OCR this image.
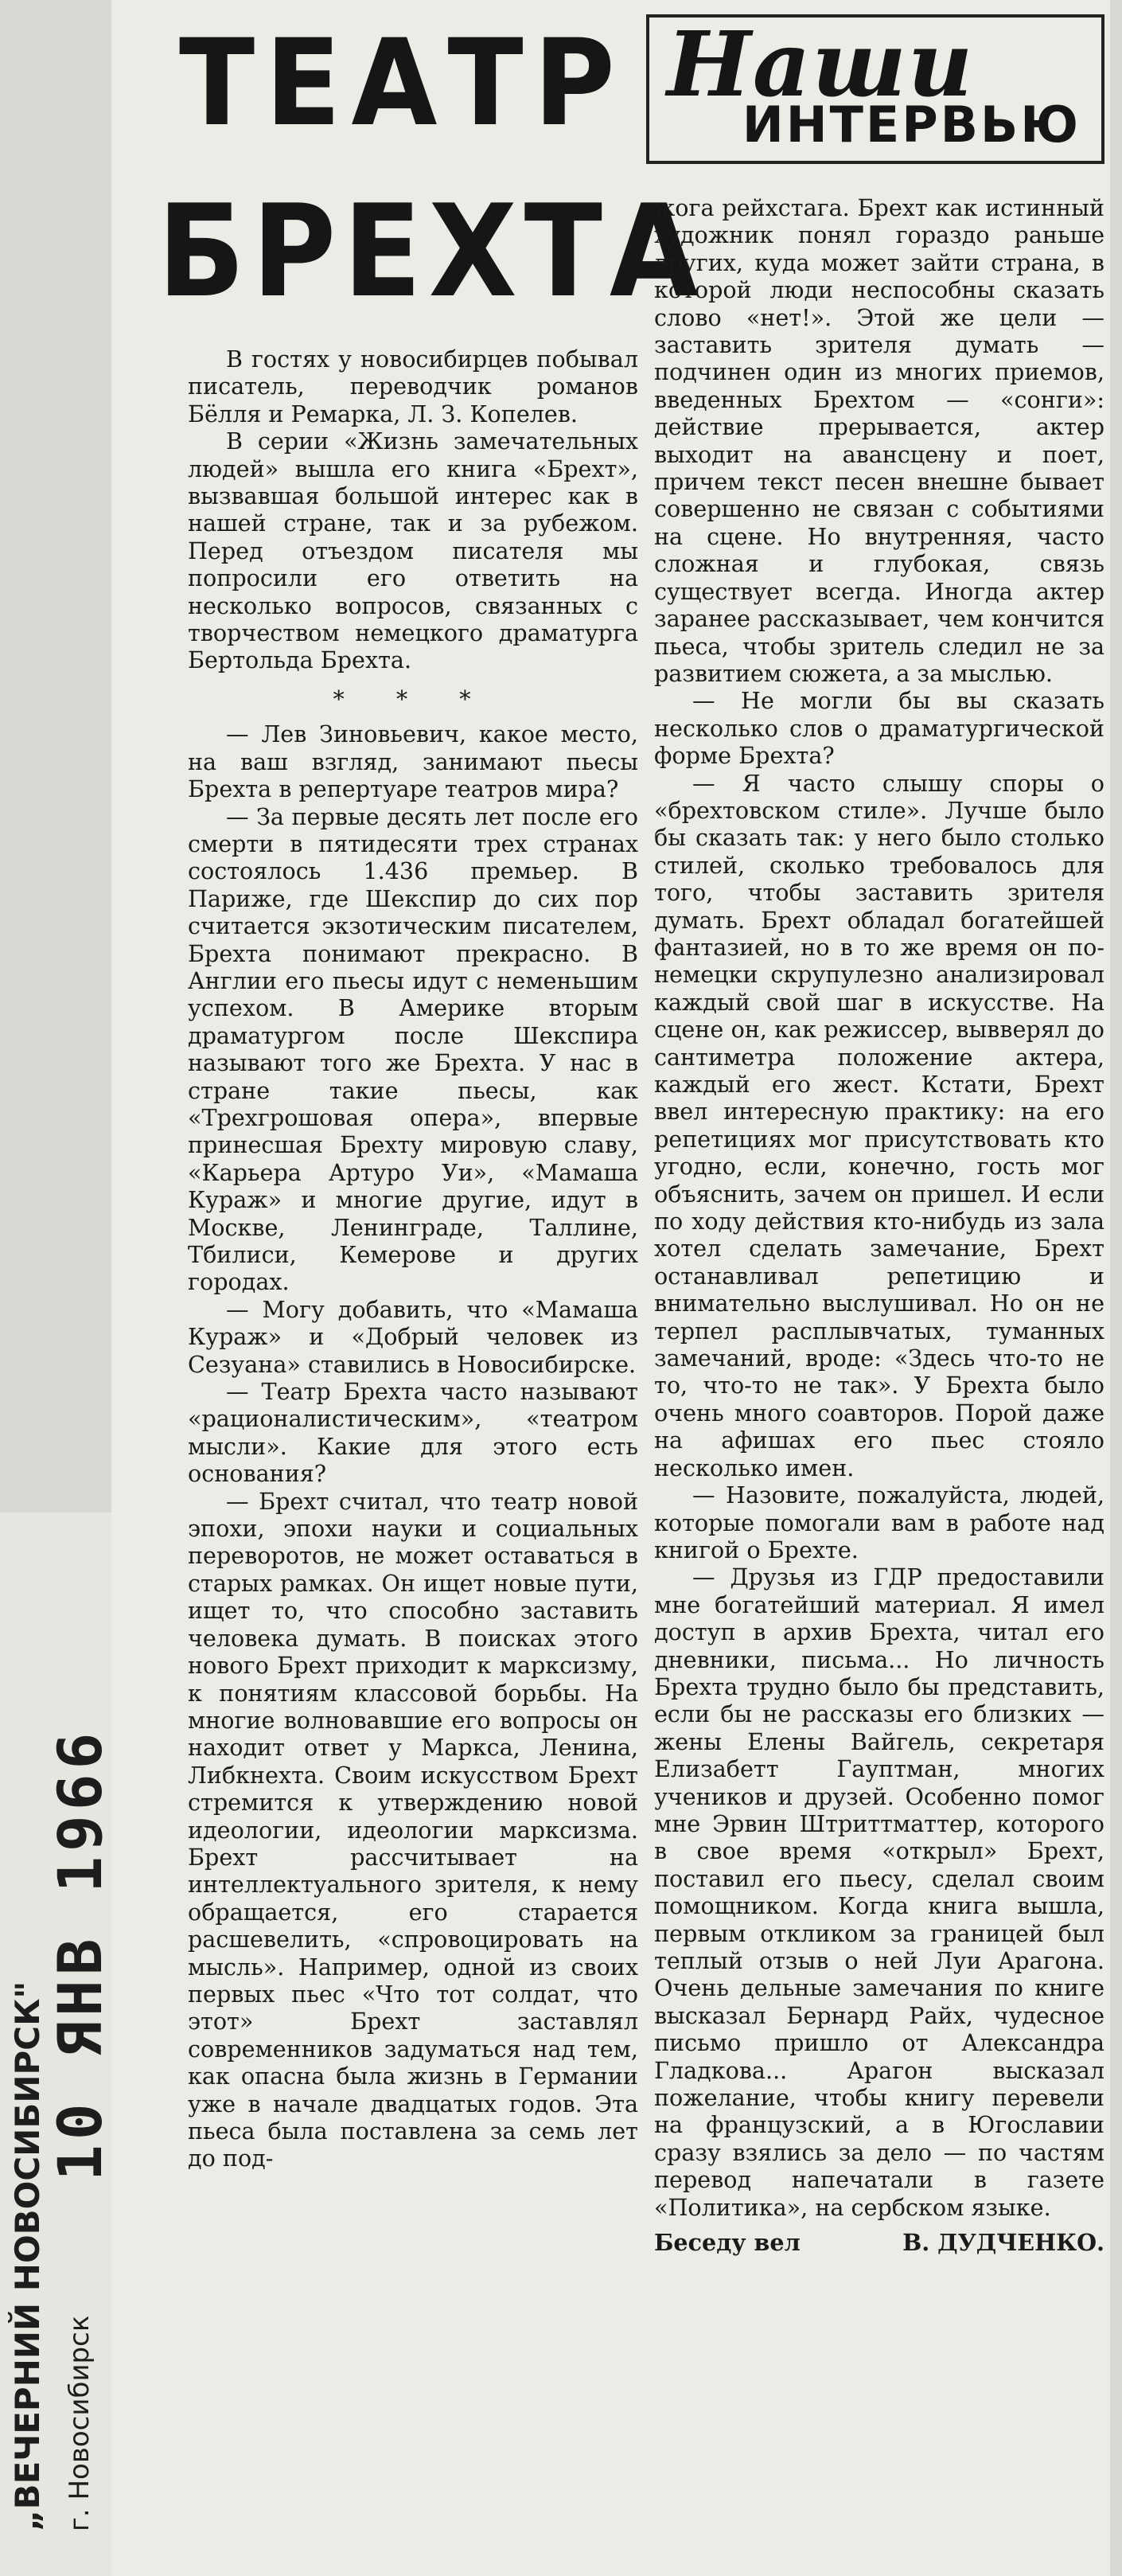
ТЕАТР
БРЕХТА
Наши
ИНТЕРВЬЮ

В гостях у новосибирцев побывал писатель, переводчик романов Бёлля и Ремарка, Л. З. Копелев.

В серии «Жизнь замечательных людей» вышла его книга «Брехт», вызвавшая большой интерес как в нашей стране, так и за рубежом. Перед отъездом писателя мы попросили его ответить на несколько вопросов, связанных с творчеством немецкого драматурга Бертольда Брехта.

* * *

— Лев Зиновьевич, какое место, на ваш взгляд, занимают пьесы Брехта в репертуаре театров мира?

— За первые десять лет после его смерти в пятидесяти трех странах состоялось 1.436 премьер. В Париже, где Шекспир до сих пор считается экзотическим писателем, Брехта понимают прекрасно. В Англии его пьесы идут с неменьшим успехом. В Америке вторым драматургом после Шекспира называют того же Брехта. У нас в стране такие пьесы, как «Трехгрошовая опера», впервые принесшая Брехту мировую славу, «Карьера Артуро Уи», «Мамаша Кураж» и многие другие, идут в Москве, Ленинграде, Таллине, Тбилиси, Кемерове и других городах.

— Могу добавить, что «Мамаша Кураж» и «Добрый человек из Сезуана» ставились в Новосибирске.

— Театр Брехта часто называют «рационалистическим», «театром мысли». Какие для этого есть основания?

— Брехт считал, что театр новой эпохи, эпохи науки и социальных переворотов, не может оставаться в старых рамках. Он ищет новые пути, ищет то, что способно заставить человека думать. В поисках этого нового Брехт приходит к марксизму, к понятиям классовой борьбы. На многие волновавшие его вопросы он находит ответ у Маркса, Ленина, Либкнехта. Своим искусством Брехт стремится к утверждению новой идеологии, идеологии марксизма. Брехт рассчитывает на интеллектуального зрителя, к нему обращается, его старается расшевелить, «спровоцировать на мысль». Например, одной из своих первых пьес «Что тот солдат, что этот» Брехт заставлял современников задуматься над тем, как опасна была жизнь в Германии уже в начале двадцатых годов. Эта пьеса была поставлена за семь лет до под-

жога рейхстага. Брехт как истинный художник понял гораздо раньше других, куда может зайти страна, в которой люди неспособны сказать слово «нет!». Этой же цели — заставить зрителя думать — подчинен один из многих приемов, введенных Брехтом — «сонги»: действие прерывается, актер выходит на авансцену и поет, причем текст песен внешне бывает совершенно не связан с событиями на сцене. Но внутренняя, часто сложная и глубокая, связь существует всегда. Иногда актер заранее рассказывает, чем кончится пьеса, чтобы зритель следил не за развитием сюжета, а за мыслью.

— Не могли бы вы сказать несколько слов о драматургической форме Брехта?

— Я часто слышу споры о «брехтовском стиле». Лучше было бы сказать так: у него было столько стилей, сколько требовалось для того, чтобы заставить зрителя думать. Брехт обладал богатейшей фантазией, но в то же время он по-немецки скрупулезно анализировал каждый свой шаг в искусстве. На сцене он, как режиссер, вывверял до сантиметра положение актера, каждый его жест. Кстати, Брехт ввел интересную практику: на его репетициях мог присутствовать кто угодно, если, конечно, гость мог объяснить, зачем он пришел. И если по ходу действия кто-нибудь из зала хотел сделать замечание, Брехт останавливал репетицию и внимательно выслушивал. Но он не терпел расплывчатых, туманных замечаний, вроде: «Здесь что-то не то, что-то не так». У Брехта было очень много соавторов. Порой даже на афишах его пьес стояло несколько имен.

— Назовите, пожалуйста, людей, которые помогали вам в работе над книгой о Брехте.

— Друзья из ГДР предоставили мне богатейший материал. Я имел доступ в архив Брехта, читал его дневники, письма... Но личность Брехта трудно было бы представить, если бы не рассказы его близких — жены Елены Вайгель, секретаря Елизабетт Гауптман, многих учеников и друзей. Особенно помог мне Эрвин Штриттматтер, которого в свое время «открыл» Брехт, поставил его пьесу, сделал своим помощником. Когда книга вышла, первым откликом за границей был теплый отзыв о ней Луи Арагона. Очень дельные замечания по книге высказал Бернард Райх, чудесное письмо пришло от Александра Гладкова... Арагон высказал пожелание, чтобы книгу перевели на французский, а в Югославии сразу взялись за дело — по частям перевод напечатали в газете «Политика», на сербском языке.

Беседу вел	В. ДУДЧЕНКО.

10 ЯНВ 1966
„ВЕЧЕРНИЙ НОВОСИБИРСК" г. Новосибирск
